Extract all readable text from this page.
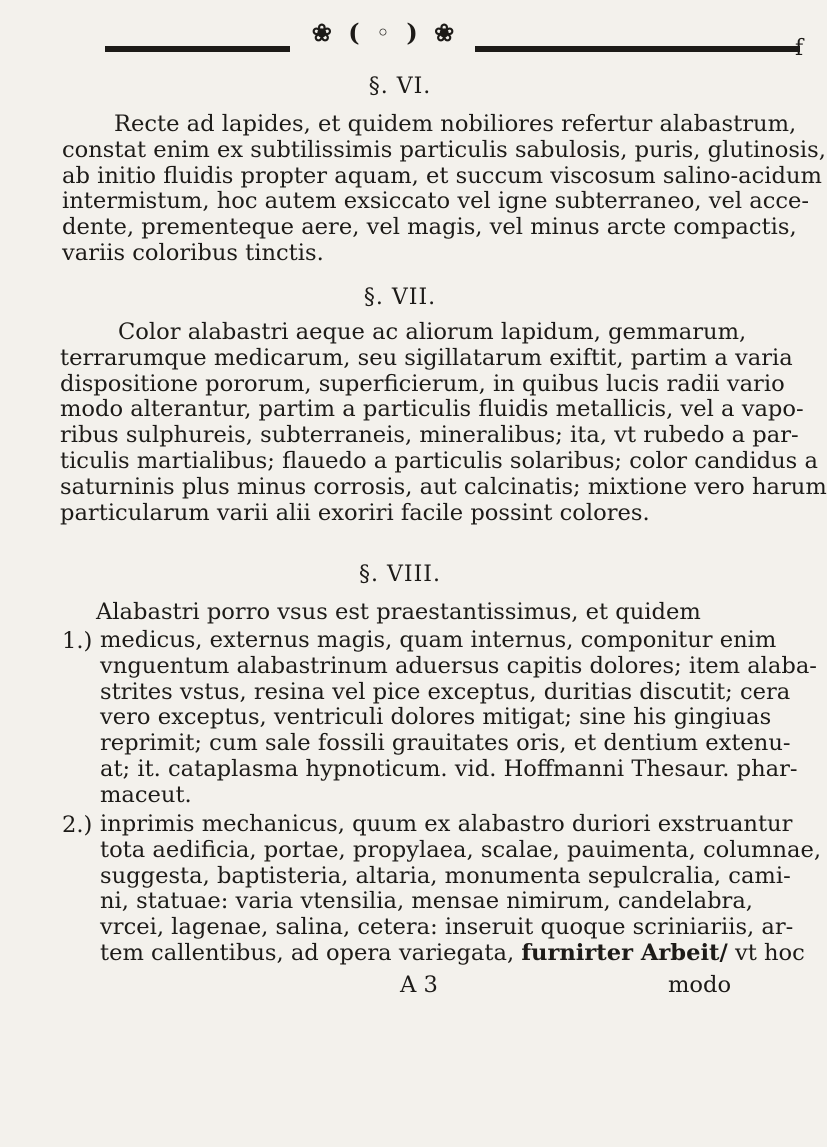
❀ ( ◦ ) ❀
f
§. VI.
Recte ad lapides, et quidem nobiliores refertur alabastrum,
constat enim ex subtilissimis particulis sabulosis, puris, glutinosis,
ab initio fluidis propter aquam, et succum viscosum salino-acidum
intermistum, hoc autem exsiccato vel igne subterraneo, vel acce-
dente, prementeque aere, vel magis, vel minus arcte compactis,
variis coloribus tinctis.
§. VII.
Color alabastri aeque ac aliorum lapidum, gemmarum,
terrarumque medicarum, seu sigillatarum exiftit, partim a varia
dispositione pororum, superficierum, in quibus lucis radii vario
modo alterantur, partim a particulis fluidis metallicis, vel a vapo-
ribus sulphureis, subterraneis, mineralibus; ita, vt rubedo a par-
ticulis martialibus; flauedo a particulis solaribus; color candidus a
saturninis plus minus corrosis, aut calcinatis; mixtione vero harum
particularum varii alii exoriri facile possint colores.
§. VIII.
Alabastri porro vsus est praestantissimus, et quidem
1.) medicus, externus magis, quam internus, componitur enim
vnguentum alabastrinum aduersus capitis dolores; item alaba-
strites vstus, resina vel pice exceptus, duritias discutit; cera
vero exceptus, ventriculi dolores mitigat; sine his gingiuas
reprimit; cum sale fossili grauitates oris, et dentium extenu-
at; it. cataplasma hypnoticum. vid. Hoffmanni Thesaur. phar-
maceut.
2.) inprimis mechanicus, quum ex alabastro duriori exstruantur
tota aedificia, portae, propylaea, scalae, pauimenta, columnae,
suggesta, baptisteria, altaria, monumenta sepulcralia, cami-
ni, statuae: varia vtensilia, mensae nimirum, candelabra,
vrcei, lagenae, salina, cetera: inseruit quoque scriniariis, ar-
tem callentibus, ad opera variegata, furnirter Arbeit/ vt hoc
A 3	modo
